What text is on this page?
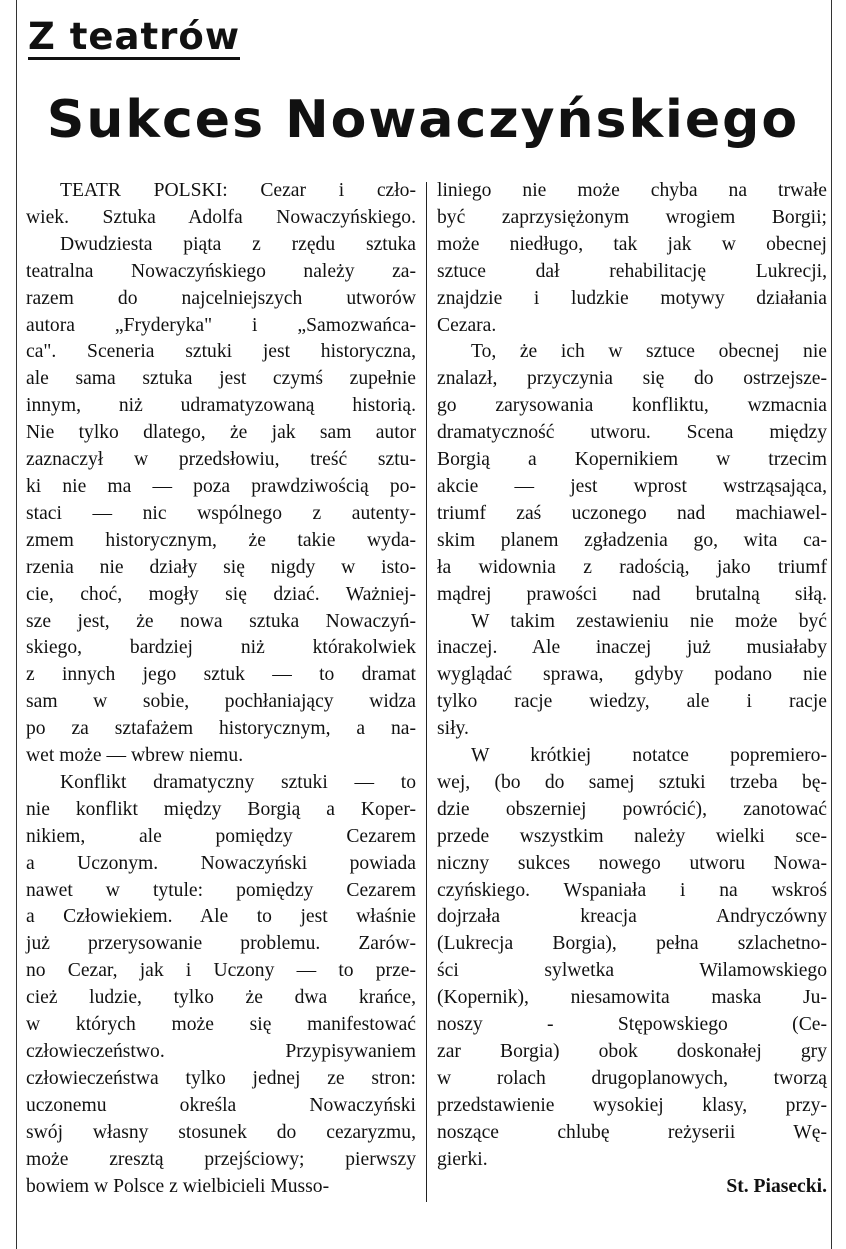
Z teatrów
Sukces Nowaczyńskiego
TEATR POLSKI: Cezar i czło-
wiek. Sztuka Adolfa Nowaczyńskiego.
Dwudziesta piąta z rzędu sztuka
teatralna Nowaczyńskiego należy za-
razem do najcelniejszych utworów
autora „Fryderyka" i „Samozwańca-
ca". Sceneria sztuki jest historyczna,
ale sama sztuka jest czymś zupełnie
innym, niż udramatyzowaną historią.
Nie tylko dlatego, że jak sam autor
zaznaczył w przedsłowiu, treść sztu-
ki nie ma — poza prawdziwością po-
staci — nic wspólnego z autenty-
zmem historycznym, że takie wyda-
rzenia nie działy się nigdy w isto-
cie, choć, mogły się dziać. Ważniej-
sze jest, że nowa sztuka Nowaczyń-
skiego, bardziej niż którakolwiek
z innych jego sztuk — to dramat
sam w sobie, pochłaniający widza
po za sztafażem historycznym, a na-
wet może — wbrew niemu.
Konflikt dramatyczny sztuki — to
nie konflikt między Borgią a Koper-
nikiem, ale pomiędzy Cezarem
a Uczonym. Nowaczyński powiada
nawet w tytule: pomiędzy Cezarem
a Człowiekiem. Ale to jest właśnie
już przerysowanie problemu. Zarów-
no Cezar, jak i Uczony — to prze-
cież ludzie, tylko że dwa krańce,
w których może się manifestować
człowieczeństwo. Przypisywaniem
człowieczeństwa tylko jednej ze stron:
uczonemu określa Nowaczyński
swój własny stosunek do cezaryzmu,
może zresztą przejściowy; pierwszy
bowiem w Polsce z wielbicieli Musso-
liniego nie może chyba na trwałe
być zaprzysiężonym wrogiem Borgii;
może niedługo, tak jak w obecnej
sztuce dał rehabilitację Lukrecji,
znajdzie i ludzkie motywy działania
Cezara.
To, że ich w sztuce obecnej nie
znalazł, przyczynia się do ostrzejsze-
go zarysowania konfliktu, wzmacnia
dramatyczność utworu. Scena między
Borgią a Kopernikiem w trzecim
akcie — jest wprost wstrząsająca,
triumf zaś uczonego nad machiawel-
skim planem zgładzenia go, wita ca-
ła widownia z radością, jako triumf
mądrej prawości nad brutalną siłą.
W takim zestawieniu nie może być
inaczej. Ale inaczej już musiałaby
wyglądać sprawa, gdyby podano nie
tylko racje wiedzy, ale i racje
siły.
W krótkiej notatce popremiero-
wej, (bo do samej sztuki trzeba bę-
dzie obszerniej powrócić), zanotować
przede wszystkim należy wielki sce-
niczny sukces nowego utworu Nowa-
czyńskiego. Wspaniała i na wskroś
dojrzała kreacja Andryczówny
(Lukrecja Borgia), pełna szlachetno-
ści sylwetka Wilamowskiego
(Kopernik), niesamowita maska Ju-
noszy - Stępowskiego (Ce-
zar Borgia) obok doskonałej gry
w rolach drugoplanowych, tworzą
przedstawienie wysokiej klasy, przy-
noszące chlubę reżyserii Wę-
gierki.
St. Piasecki.
